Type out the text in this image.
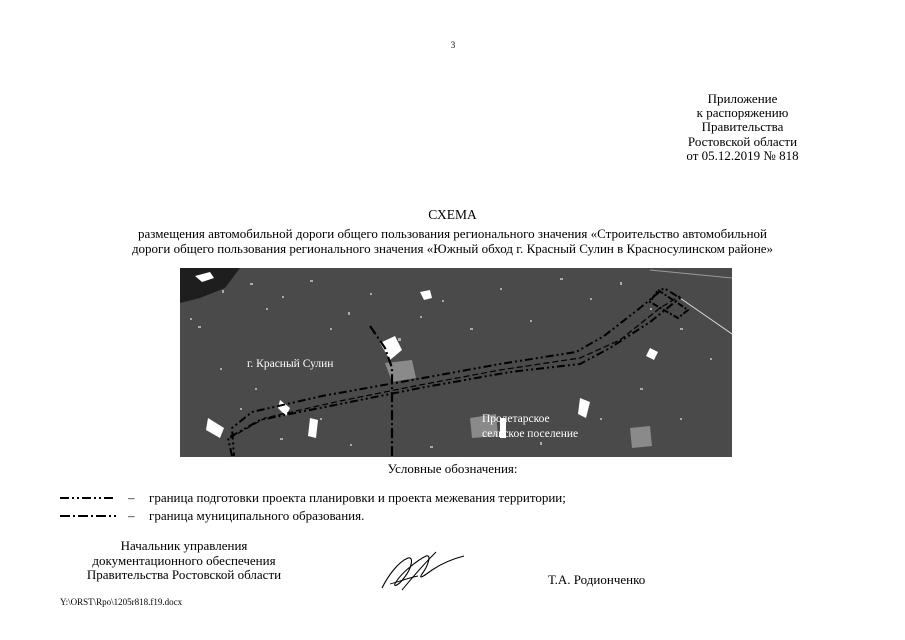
3
Приложение
к распоряжению
Правительства
Ростовской области
от 05.12.2019 № 818
СХЕМА
размещения автомобильной дороги общего пользования регионального значения «Строительство автомобильной
дороги общего пользования регионального значения «Южный обход г. Красный Сулин в Красносулинском районе»
г. Красный Сулин
Пролетарское
сельское поселение
Условные обозначения:
– граница подготовки проекта планировки и проекта межевания территории;
– граница муниципального образования.
Начальник управления
документационного обеспечения
Правительства Ростовской области	Т.А. Родионченко
Y:\ORST\Rpo\1205r818.f19.docx
